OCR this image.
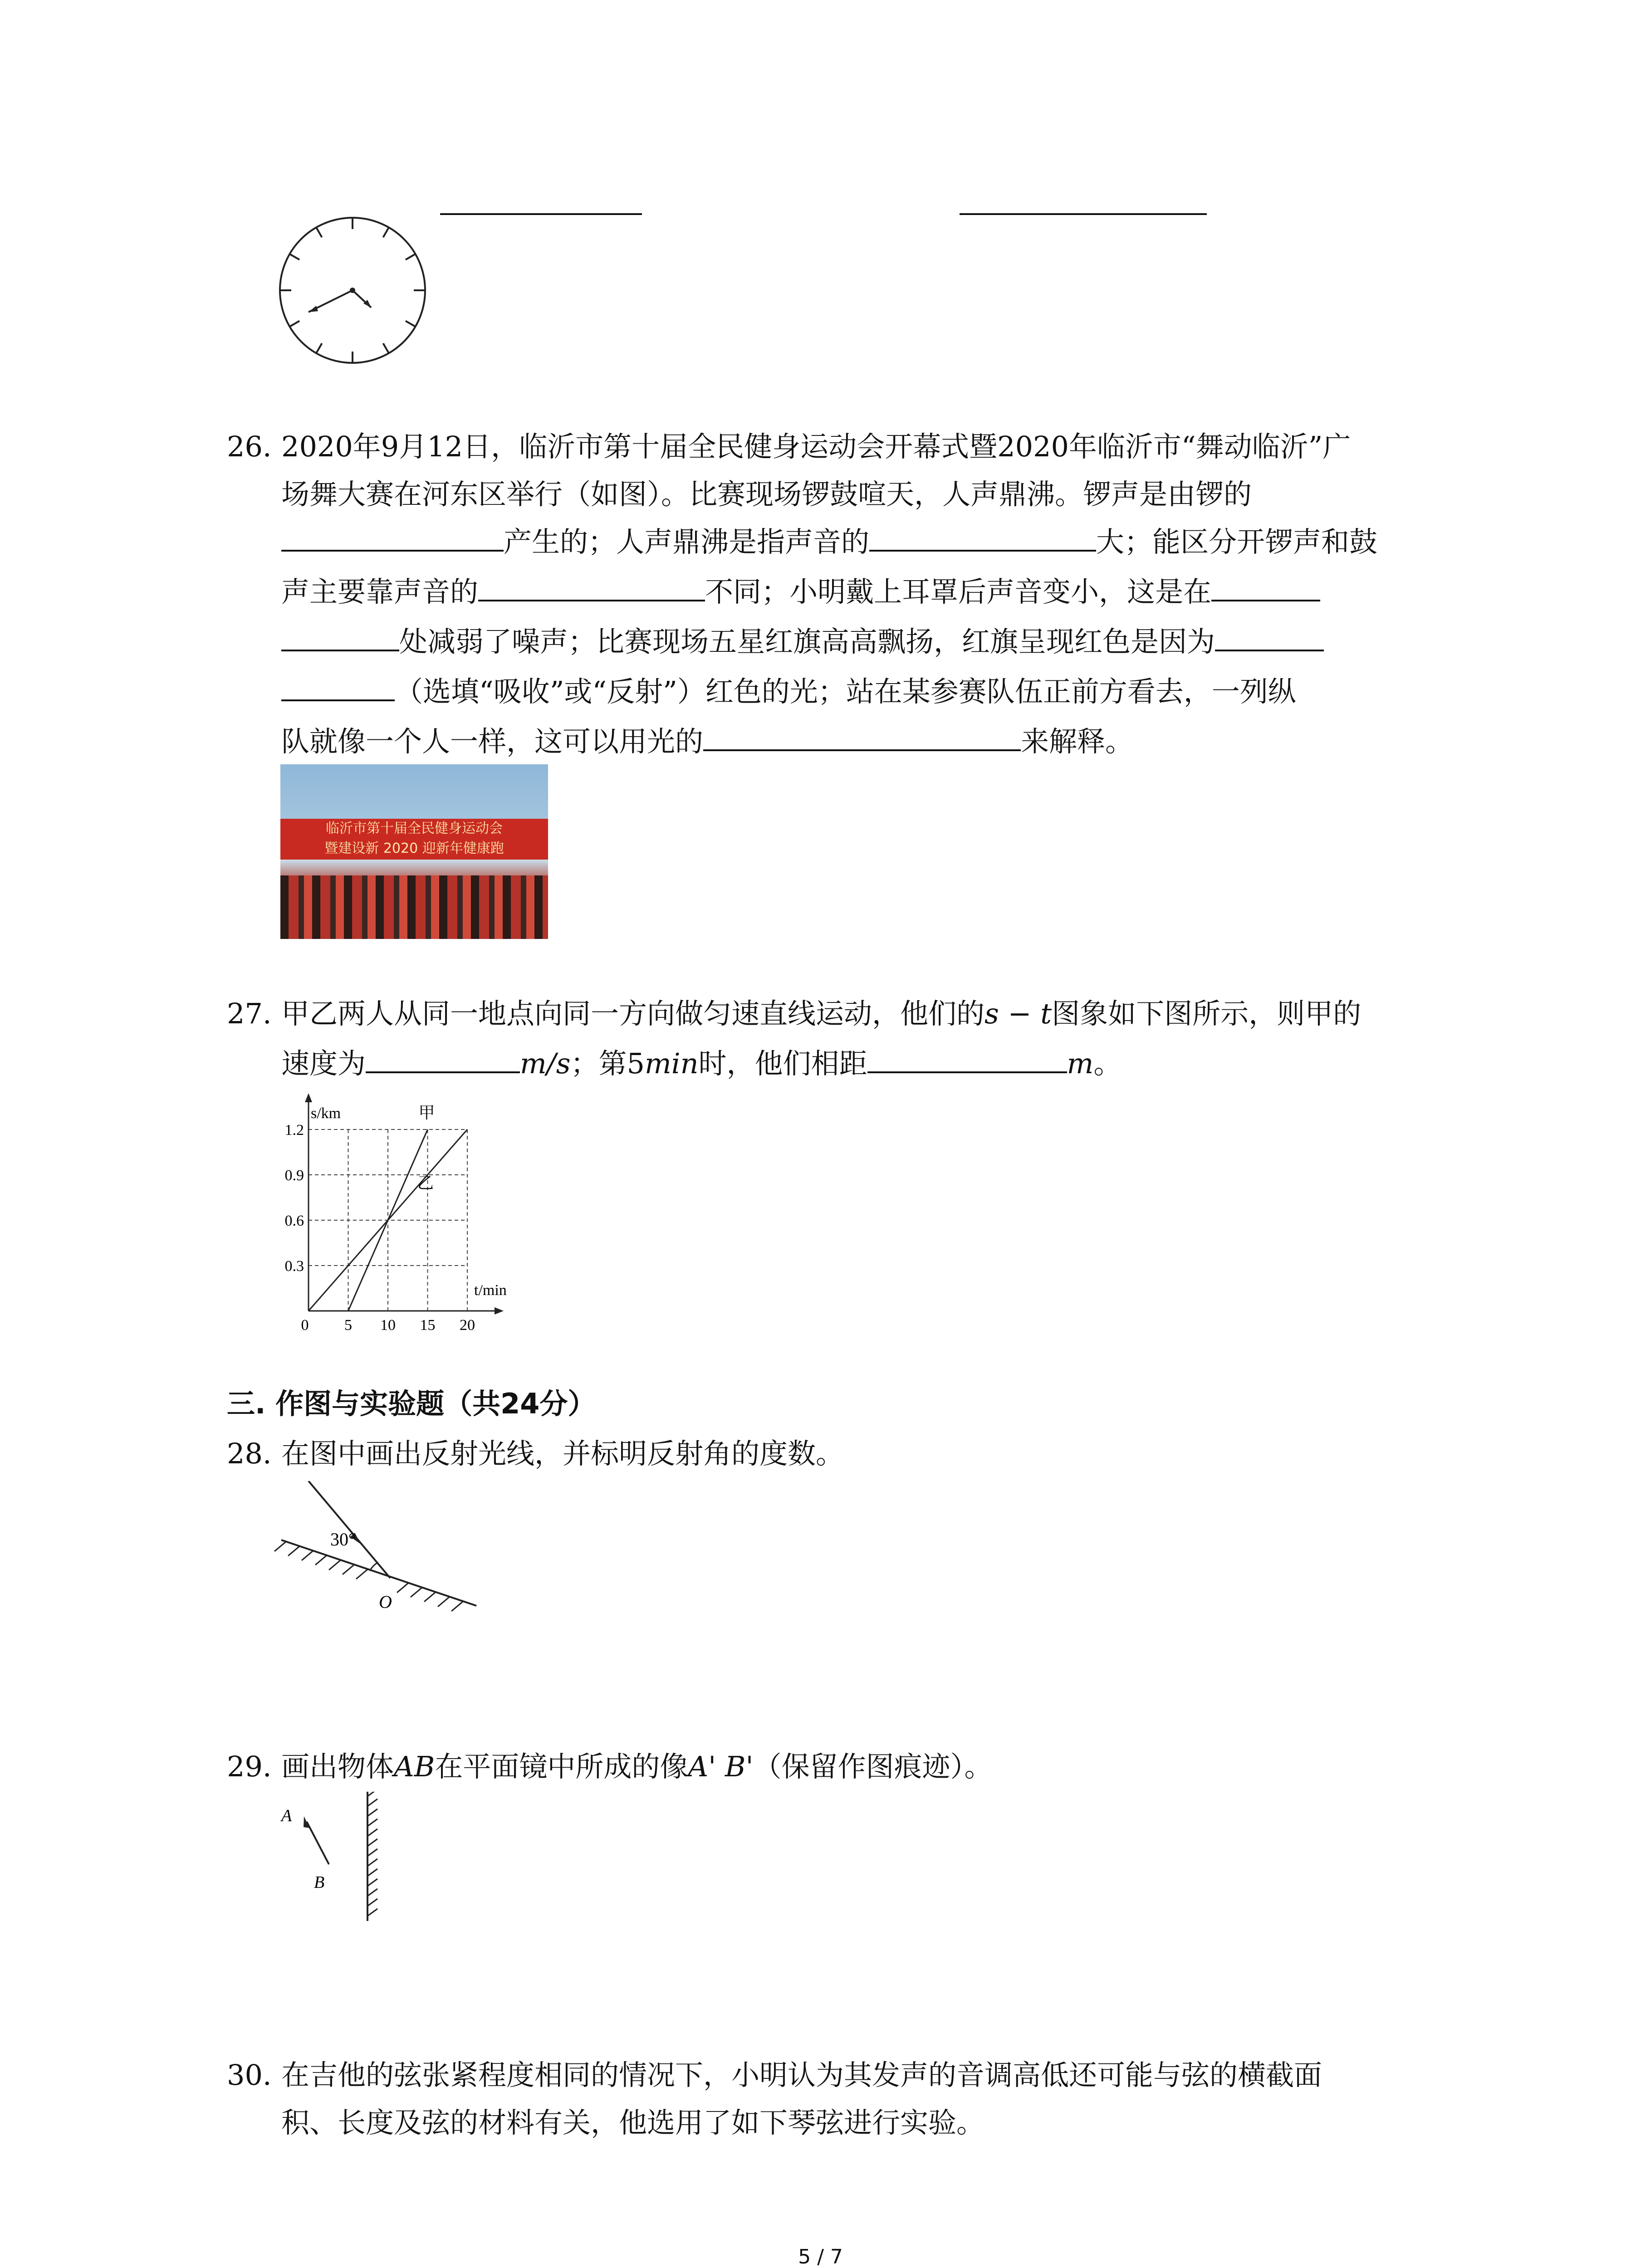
26. 2020年9月12日，临沂市第十届全民健身运动会开幕式暨2020年临沂市“舞动临沂”广
场舞大赛在河东区举行（如图）。比赛现场锣鼓喧天，人声鼎沸。锣声是由锣的
产生的；人声鼎沸是指声音的	大；能区分开锣声和鼓
声主要靠声音的	不同；小明戴上耳罩后声音变小，这是在
处减弱了噪声；比赛现场五星红旗高高飘扬，红旗呈现红色是因为
（选填“吸收”或“反射”）红色的光；站在某参赛队伍正前方看去，一列纵
队就像一个人一样，这可以用光的	来解释。
临沂市第十届全民健身运动会
暨建设新 2020 迎新年健康跑
27. 甲乙两人从同一地点向同一方向做匀速直线运动，他们的s − t图象如下图所示，则甲的
速度为	m/s；第5min时，他们相距	m。
0 5 10 15 20
0.3
0.6
0.9
1.2
s/km
t/min
甲
乙
三. 作图与实验题（共24分）
28. 在图中画出反射光线，并标明反射角的度数。
30°
O
29. 画出物体AB在平面镜中所成的像A' B'（保留作图痕迹）。
A
B
30. 在吉他的弦张紧程度相同的情况下，小明认为其发声的音调高低还可能与弦的横截面
积、长度及弦的材料有关，他选用了如下琴弦进行实验。
5 / 7
